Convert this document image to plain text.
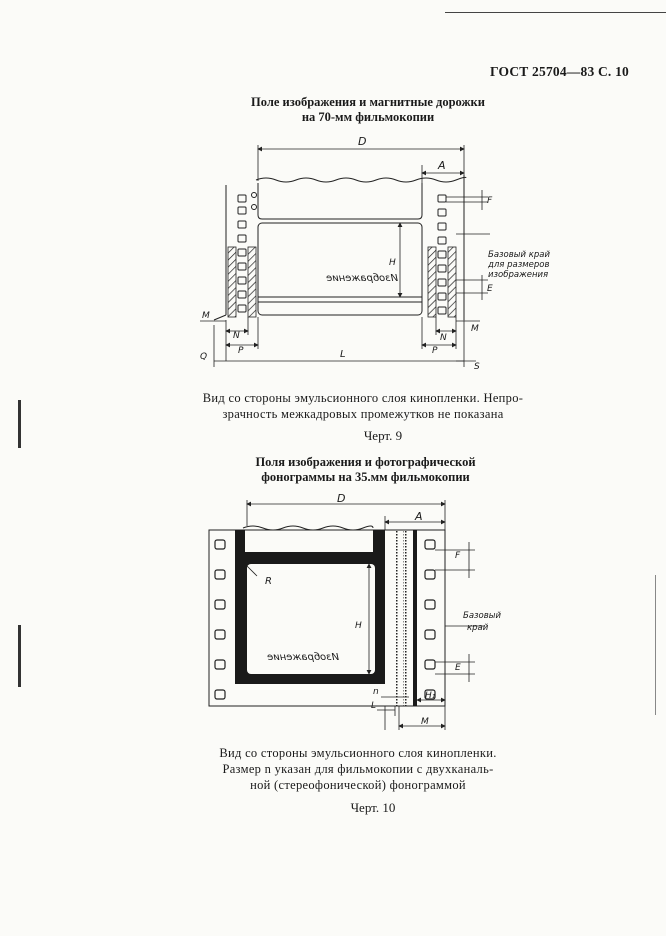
ГОСТ 25704—83 С. 10
Поле изображения и магнитные дорожки
на 70-мм фильмокопии
D
A
F
H
E
M
M
N	N
P	P
Q	L
S
Базовый край
для размеров
изображения
Изображение
Вид со стороны эмульсионного слоя кинопленки. Непро-
зрачность межкадровых промежутков не показана
Черт. 9
Поля изображения и фотографической
фонограммы на 35.мм фильмокопии
D
A
F
R
H
E
n
L
H₁
M
Базовый
край
Изображение
Вид со стороны эмульсионного слоя кинопленки.
Размер n указан для фильмокопии с двухканаль-
ной (стереофонической) фонограммой
Черт. 10
